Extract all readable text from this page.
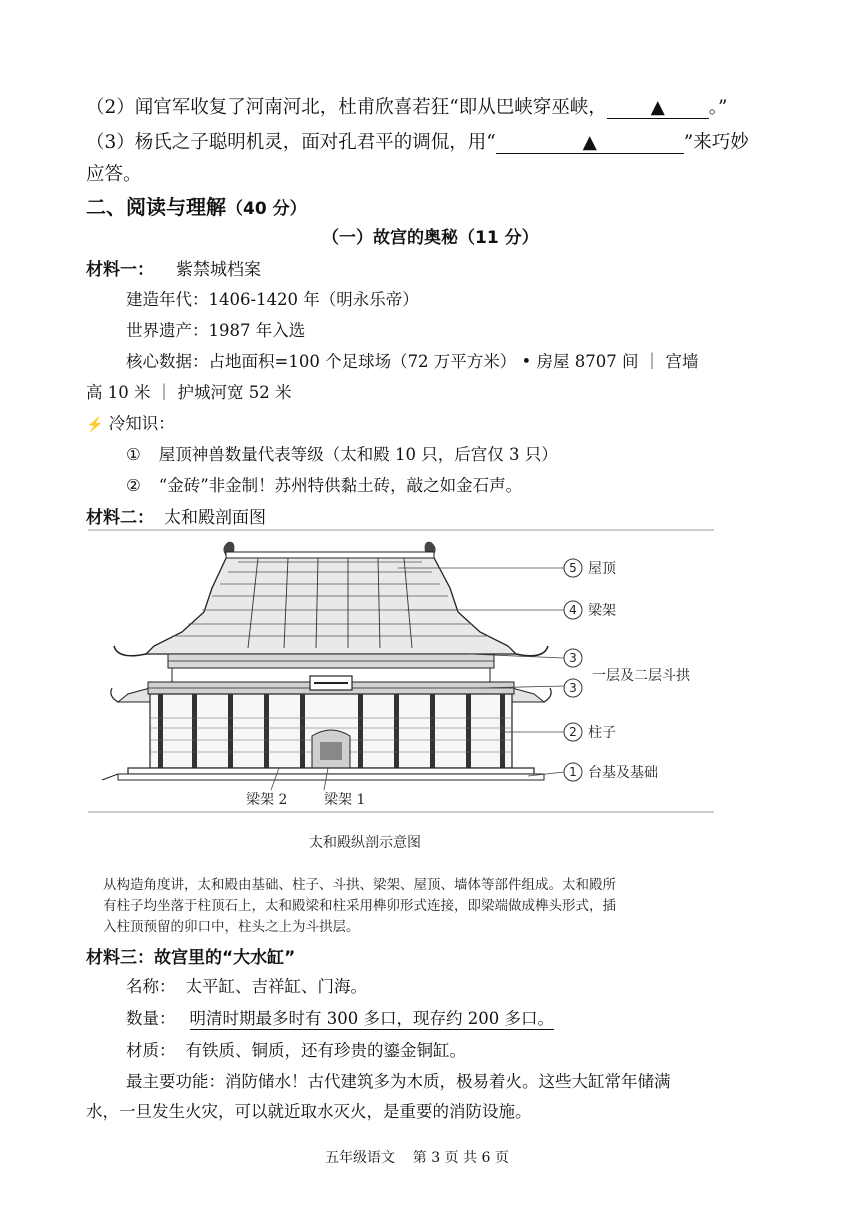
（2）闻官军收复了河南河北，杜甫欣喜若狂“即从巴峡穿巫峡， ▲ 。”
（3）杨氏之子聪明机灵，面对孔君平的调侃，用“	▲	”来巧妙
应答。
二、阅读与理解（40 分）
（一）故宫的奥秘（11 分）
材料一： 紫禁城档案
建造年代：1406-1420 年（明永乐帝）
世界遗产：1987 年入选
核心数据：占地面积=100 个足球场（72 万平方米） • 房屋 8707 间 ｜ 宫墙
高 10 米 ｜ 护城河宽 52 米
⚡ 冷知识：
① 屋顶神兽数量代表等级（太和殿 10 只，后宫仅 3 只）
② “金砖”非金制！苏州特供黏土砖，敲之如金石声。
材料二： 太和殿剖面图
5
4
3
3
2
1
屋顶
梁架
一层及二层斗拱
柱子
台基及基础
梁架 2	梁架 1
太和殿纵剖示意图
从构造角度讲，太和殿由基础、柱子、斗拱、梁架、屋顶、墙体等部件组成。太和殿所
有柱子均坐落于柱顶石上，太和殿梁和柱采用榫卯形式连接，即梁端做成榫头形式，插
入柱顶预留的卯口中，柱头之上为斗拱层。
材料三：故宫里的“大水缸”
名称： 太平缸、吉祥缸、门海。
数量： 明清时期最多时有 300 多口，现存约 200 多口。
材质： 有铁质、铜质，还有珍贵的鎏金铜缸。
最主要功能：消防储水！古代建筑多为木质，极易着火。这些大缸常年储满
水，一旦发生火灾，可以就近取水灭火，是重要的消防设施。
五年级语文    第 3 页 共 6 页
